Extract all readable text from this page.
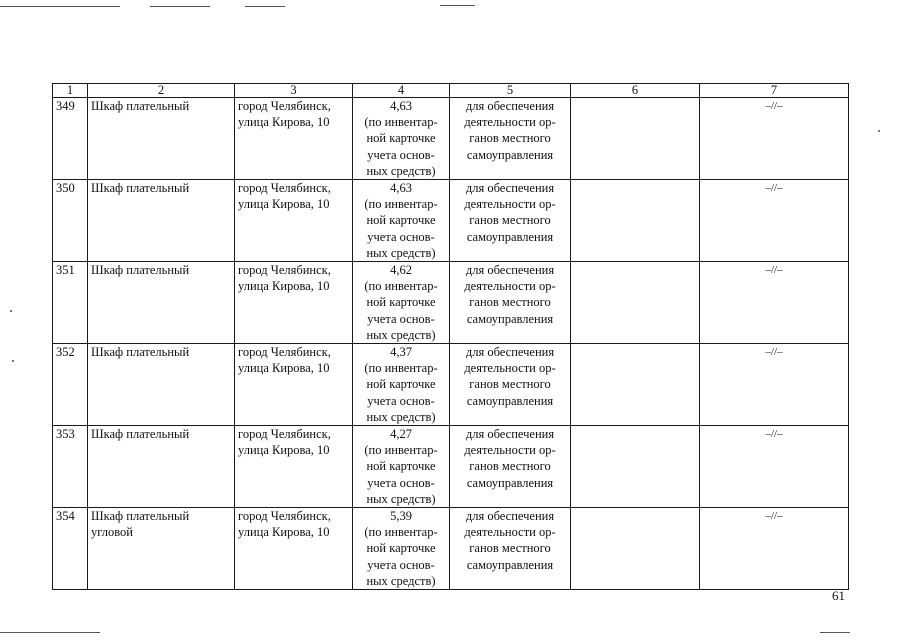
1	2	3	4	5	6	7
349	Шкаф плательный	город Челябинск,
улица Кирова, 10	4,63
(по инвентар-
ной карточке
учета основ-
ных средств)	для обеспечения
деятельности ор-
ганов местного
самоуправления		–//–
350	Шкаф плательный	город Челябинск,
улица Кирова, 10	4,63
(по инвентар-
ной карточке
учета основ-
ных средств)	для обеспечения
деятельности ор-
ганов местного
самоуправления		–//–
351	Шкаф плательный	город Челябинск,
улица Кирова, 10	4,62
(по инвентар-
ной карточке
учета основ-
ных средств)	для обеспечения
деятельности ор-
ганов местного
самоуправления		–//–
352	Шкаф плательный	город Челябинск,
улица Кирова, 10	4,37
(по инвентар-
ной карточке
учета основ-
ных средств)	для обеспечения
деятельности ор-
ганов местного
самоуправления		–//–
353	Шкаф плательный	город Челябинск,
улица Кирова, 10	4,27
(по инвентар-
ной карточке
учета основ-
ных средств)	для обеспечения
деятельности ор-
ганов местного
самоуправления		–//–
354	Шкаф плательный
угловой	город Челябинск,
улица Кирова, 10	5,39
(по инвентар-
ной карточке
учета основ-
ных средств)	для обеспечения
деятельности ор-
ганов местного
самоуправления		–//–
61
